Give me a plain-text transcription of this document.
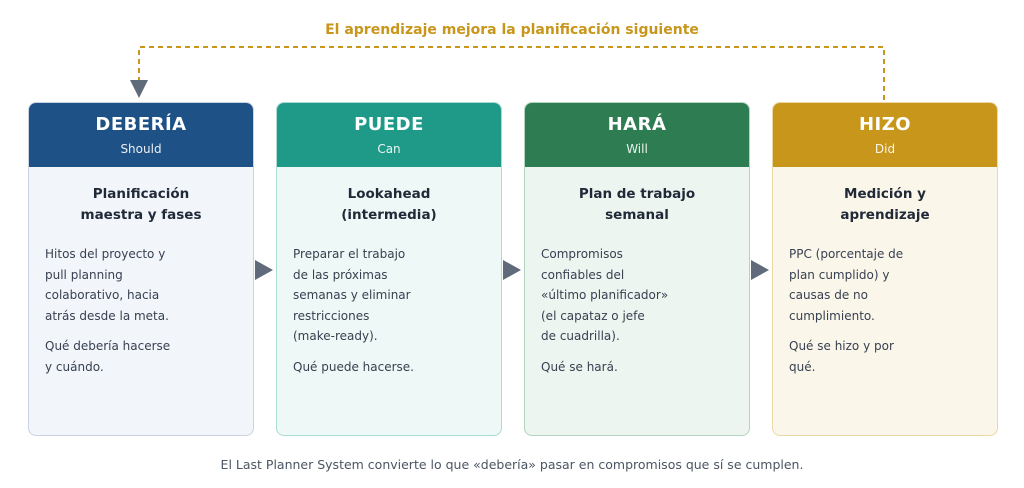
El aprendizaje mejora la planificación siguiente
DEBERÍA
Should
Planificación
maestra y fases
Hitos del proyecto y
pull planning
colaborativo, hacia
atrás desde la meta.
Qué debería hacerse
y cuándo.
PUEDE
Can
Lookahead
(intermedia)
Preparar el trabajo
de las próximas
semanas y eliminar
restricciones
(make-ready).
Qué puede hacerse.
HARÁ
Will
Plan de trabajo
semanal
Compromisos
confiables del
«último planificador»
(el capataz o jefe
de cuadrilla).
Qué se hará.
HIZO
Did
Medición y
aprendizaje
PPC (porcentaje de
plan cumplido) y
causas de no
cumplimiento.
Qué se hizo y por
qué.
El Last Planner System convierte lo que «debería» pasar en compromisos que sí se cumplen.
